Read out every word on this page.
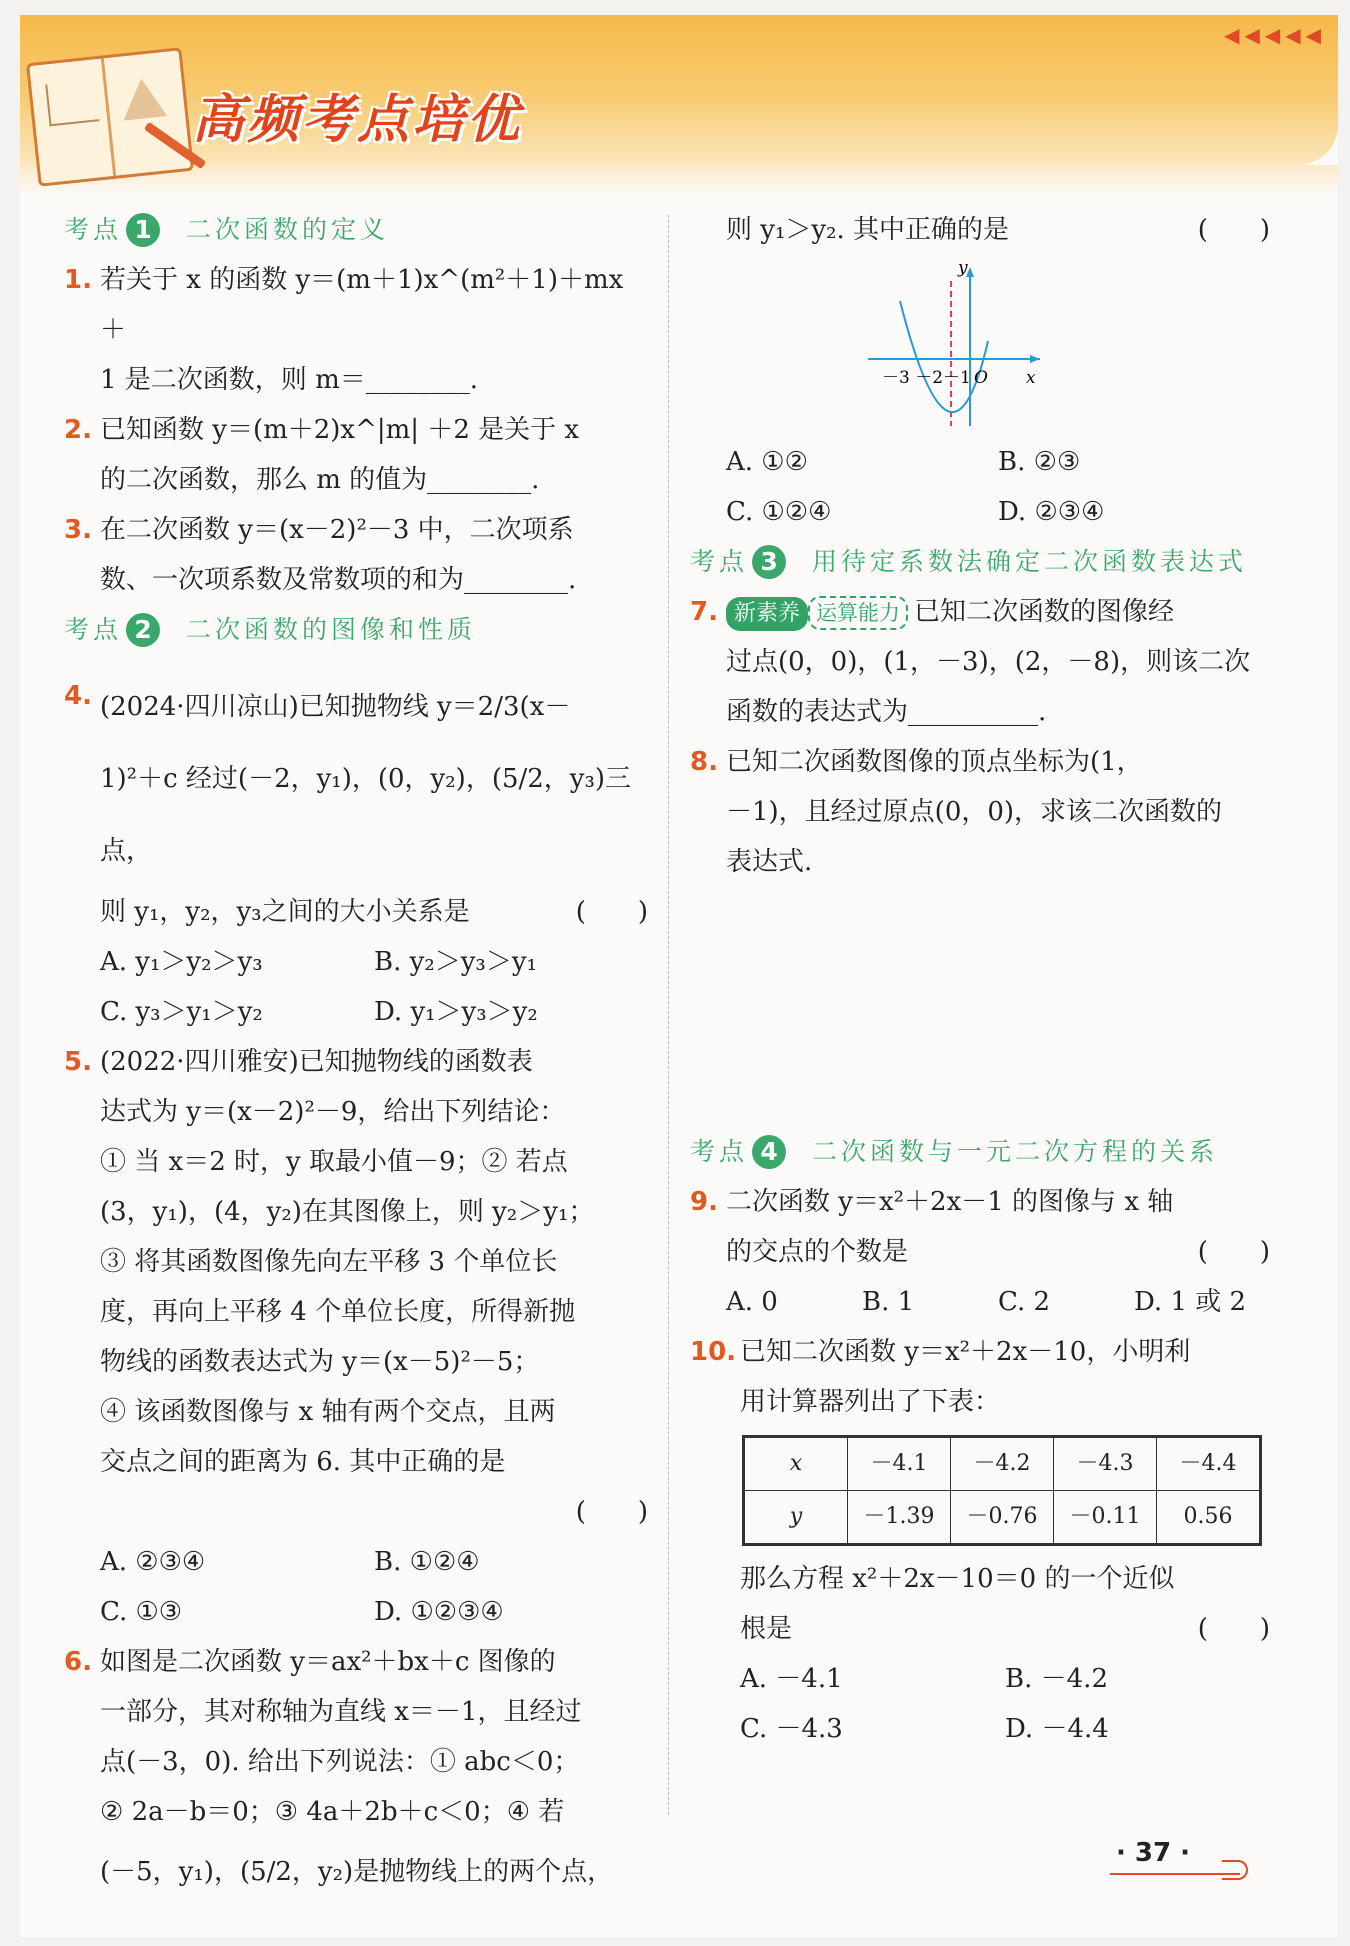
高频考点培优
◀◀◀◀◀
考点 1	二次函数的定义
1. 若关于 x 的函数 y＝(m＋1)x^(m²＋1)＋mx＋
1 是二次函数，则 m＝________.
2. 已知函数 y＝(m＋2)x^|m| ＋2 是关于 x
的二次函数，那么 m 的值为________.
3. 在二次函数 y＝(x－2)²－3 中，二次项系
数、一次项系数及常数项的和为________.
考点 2	二次函数的图像和性质
4. (2024·四川凉山)已知抛物线 y＝2/3(x－
1)²＋c 经过(－2，y₁)，(0，y₂)，(5/2，y₃)三点，
则 y₁，y₂，y₃之间的大小关系是	(　　)
A. y₁＞y₂＞y₃	B. y₂＞y₃＞y₁
C. y₃＞y₁＞y₂	D. y₁＞y₃＞y₂
5. (2022·四川雅安)已知抛物线的函数表
达式为 y＝(x－2)²－9，给出下列结论：
① 当 x＝2 时，y 取最小值－9；② 若点
(3，y₁)，(4，y₂)在其图像上，则 y₂＞y₁；
③ 将其函数图像先向左平移 3 个单位长
度，再向上平移 4 个单位长度，所得新抛
物线的函数表达式为 y＝(x－5)²－5；
④ 该函数图像与 x 轴有两个交点，且两
交点之间的距离为 6. 其中正确的是
(　　)
A. ②③④	B. ①②④
C. ①③	D. ①②③④
6. 如图是二次函数 y＝ax²＋bx＋c 图像的
一部分，其对称轴为直线 x＝－1，且经过
点(－3，0). 给出下列说法：① abc＜0；
② 2a－b＝0；③ 4a＋2b＋c＜0；④ 若
(－5，y₁)，(5/2，y₂)是抛物线上的两个点，
则 y₁＞y₂. 其中正确的是	(　　)
y
x
O
－3 －2－1
A. ①②	B. ②③
C. ①②④	D. ②③④
考点 3	用待定系数法确定二次函数表达式
7. 新素养 运算能力 已知二次函数的图像经
过点(0，0)，(1，－3)，(2，－8)，则该二次
函数的表达式为__________.
8. 已知二次函数图像的顶点坐标为(1，
－1)，且经过原点(0，0)，求该二次函数的
表达式.
考点 4	二次函数与一元二次方程的关系
9. 二次函数 y＝x²＋2x－1 的图像与 x 轴
的交点的个数是	(　　)
A. 0	B. 1	C. 2	D. 1 或 2
10. 已知二次函数 y＝x²＋2x－10，小明利
用计算器列出了下表：
x	－4.1	－4.2	－4.3	－4.4
y	－1.39	－0.76	－0.11	0.56
那么方程 x²＋2x－10＝0 的一个近似
根是	(　　)
A. －4.1	B. －4.2
C. －4.3	D. －4.4
· 37 ·
